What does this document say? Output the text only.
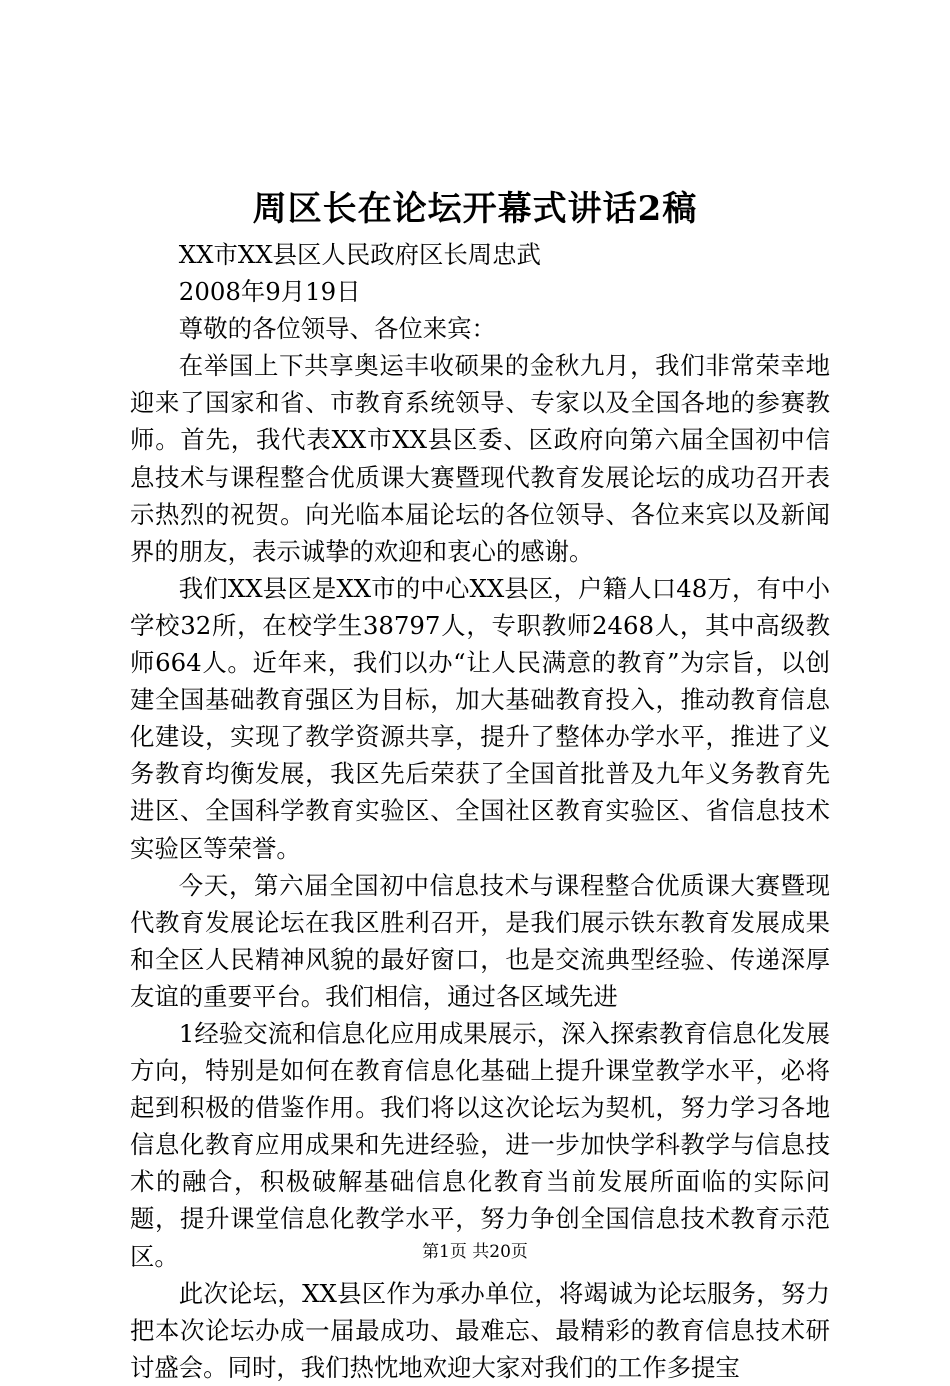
周区长在论坛开幕式讲话2稿

XX市XX县区人民政府区长周忠武

2008年9月19日

尊敬的各位领导、各位来宾：

在举国上下共享奥运丰收硕果的金秋九月，我们非常荣幸地迎来了国家和省、市教育系统领导、专家以及全国各地的参赛教师。首先，我代表XX市XX县区委、区政府向第六届全国初中信息技术与课程整合优质课大赛暨现代教育发展论坛的成功召开表示热烈的祝贺。向光临本届论坛的各位领导、各位来宾以及新闻界的朋友，表示诚挚的欢迎和衷心的感谢。

我们XX县区是XX市的中心XX县区，户籍人口48万，有中小学校32所，在校学生38797人，专职教师2468人，其中高级教师664人。近年来，我们以办“让人民满意的教育”为宗旨，以创建全国基础教育强区为目标，加大基础教育投入，推动教育信息化建设，实现了教学资源共享，提升了整体办学水平，推进了义务教育均衡发展，我区先后荣获了全国首批普及九年义务教育先进区、全国科学教育实验区、全国社区教育实验区、省信息技术实验区等荣誉。

今天，第六届全国初中信息技术与课程整合优质课大赛暨现代教育发展论坛在我区胜利召开，是我们展示铁东教育发展成果和全区人民精神风貌的最好窗口，也是交流典型经验、传递深厚友谊的重要平台。我们相信，通过各区域先进

1经验交流和信息化应用成果展示，深入探索教育信息化发展方向，特别是如何在教育信息化基础上提升课堂教学水平，必将起到积极的借鉴作用。我们将以这次论坛为契机，努力学习各地信息化教育应用成果和先进经验，进一步加快学科教学与信息技术的融合，积极破解基础信息化教育当前发展所面临的实际问题，提升课堂信息化教学水平，努力争创全国信息技术教育示范区。

此次论坛，XX县区作为承办单位，将竭诚为论坛服务，努力把本次论坛办成一届最成功、最难忘、最精彩的教育信息技术研讨盛会。同时，我们热忱地欢迎大家对我们的工作多提宝

第1页 共20页
